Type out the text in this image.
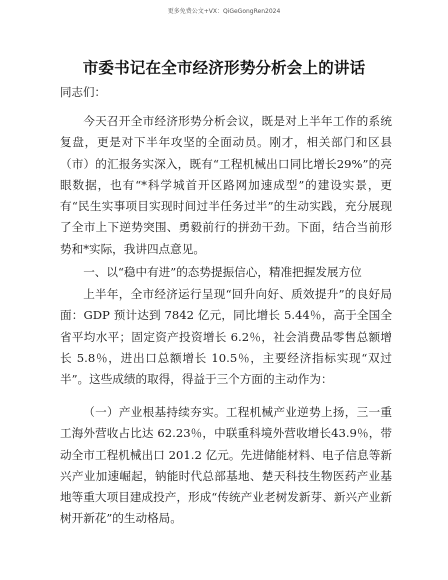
更多免费公文+VX：QiGeGongRen2024
市委书记在全市经济形势分析会上的讲话
同志们：

今天召开全市经济形势分析会议，既是对上半年工作的系统复盘，更是对下半年攻坚的全面动员。刚才，相关部门和区县（市）的汇报务实深入，既有“工程机械出口同比增长29%”的亮眼数据，也有“*科学城首开区路网加速成型”的建设实景，更有“民生实事项目实现时间过半任务过半”的生动实践，充分展现了全市上下逆势突围、勇毅前行的拼劲干劲。下面，结合当前形势和*实际，我讲四点意见。

一、以“稳中有进”的态势提振信心，精准把握发展方位

上半年，全市经济运行呈现“回升向好、质效提升”的良好局面：GDP 预计达到 7842 亿元，同比增长 5.44％，高于全国全省平均水平；固定资产投资增长 6.2％，社会消费品零售总额增长 5.8％，进出口总额增长 10.5％，主要经济指标实现“双过半”。这些成绩的取得，得益于三个方面的主动作为：

（一）产业根基持续夯实。工程机械产业逆势上扬，三一重工海外营收占比达 62.23％，中联重科境外营收增长43.9％，带动全市工程机械出口 201.2 亿元。先进储能材料、电子信息等新兴产业加速崛起，钠能时代总部基地、楚天科技生物医药产业基地等重大项目建成投产，形成“传统产业老树发新芽、新兴产业新树开新花”的生动格局。
